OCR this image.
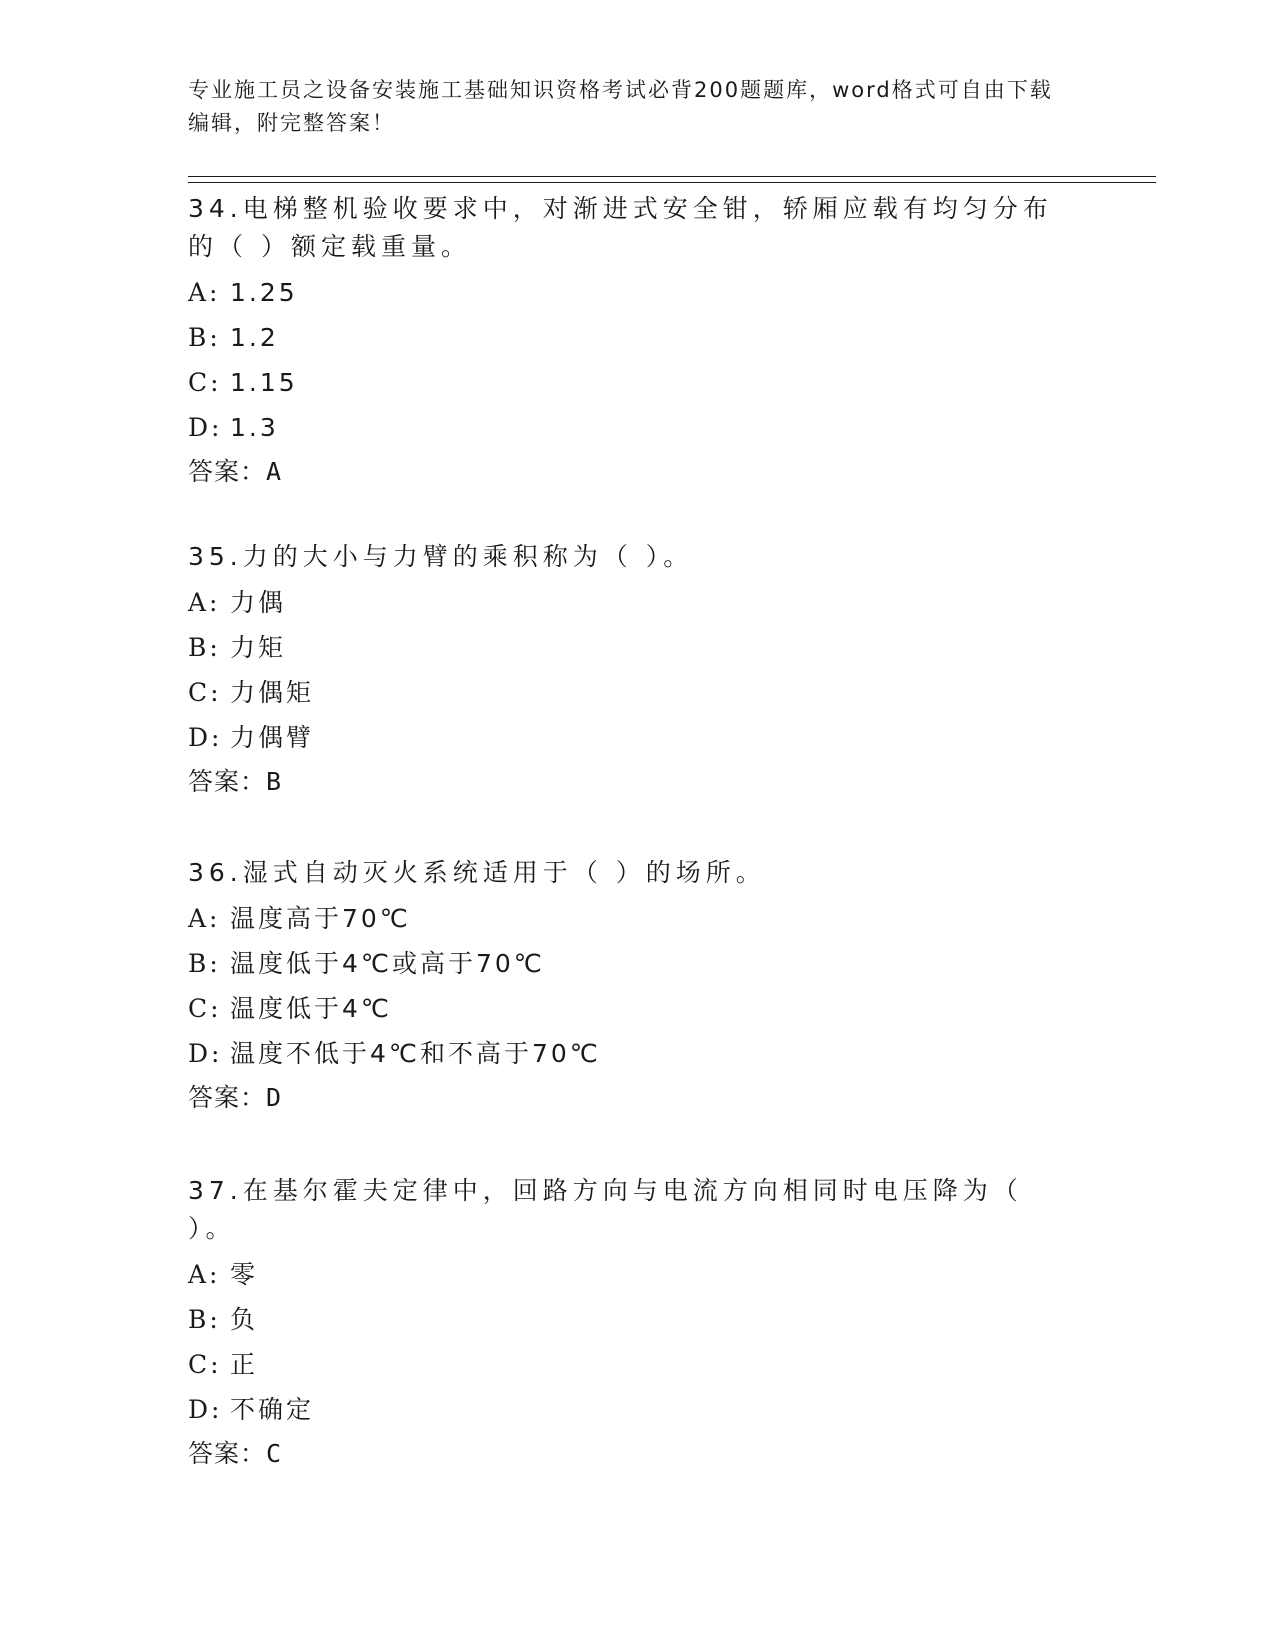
专业施工员之设备安装施工基础知识资格考试必背200题题库，word格式可自由下载编辑，附完整答案！

34.电梯整机验收要求中，对渐进式安全钳，轿厢应载有均匀分布的（ ）额定载重量。

A: 1.25

B: 1.2

C: 1.15

D: 1.3

答案：A

35.力的大小与力臂的乘积称为（ ）。

A: 力偶

B: 力矩

C: 力偶矩

D: 力偶臂

答案：B

36.湿式自动灭火系统适用于（ ）的场所。

A: 温度高于70℃

B: 温度低于4℃或高于70℃

C: 温度低于4℃

D: 温度不低于4℃和不高于70℃

答案：D

37.在基尔霍夫定律中，回路方向与电流方向相同时电压降为（ ）。

A: 零

B: 负

C: 正

D: 不确定

答案：C
